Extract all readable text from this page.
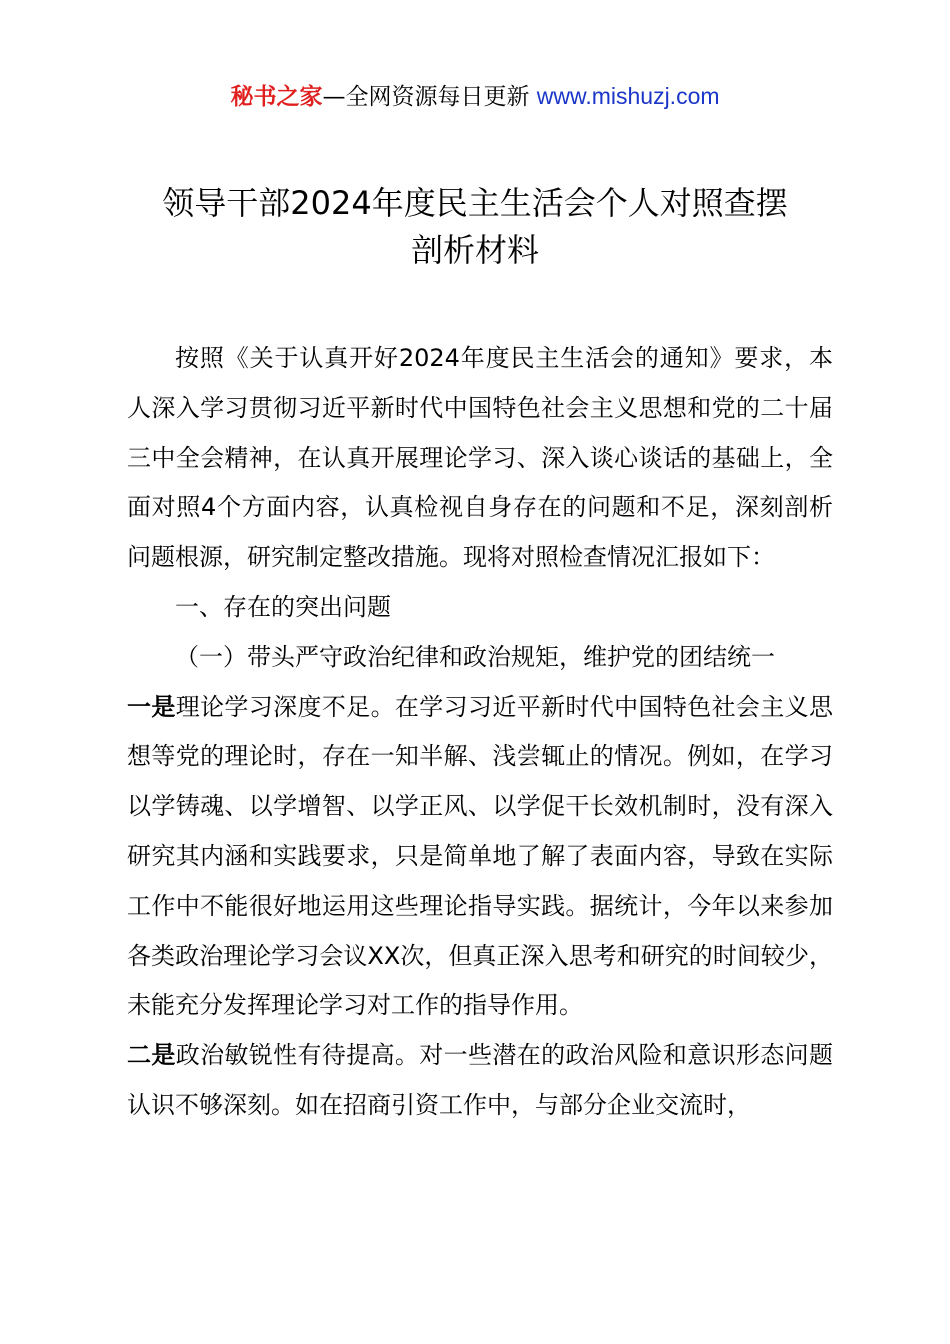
秘书之家—全网资源每日更新 www.mishuzj.com
领导干部2024年度民主生活会个人对照查摆
剖析材料

按照《关于认真开好2024年度民主生活会的通知》要求，本人深入学习贯彻习近平新时代中国特色社会主义思想和党的二十届三中全会精神，在认真开展理论学习、深入谈心谈话的基础上，全面对照4个方面内容，认真检视自身存在的问题和不足，深刻剖析问题根源，研究制定整改措施。现将对照检查情况汇报如下：

一、存在的突出问题

（一）带头严守政治纪律和政治规矩，维护党的团结统一

一是理论学习深度不足。在学习习近平新时代中国特色社会主义思想等党的理论时，存在一知半解、浅尝辄止的情况。例如，在学习以学铸魂、以学增智、以学正风、以学促干长效机制时，没有深入研究其内涵和实践要求，只是简单地了解了表面内容，导致在实际工作中不能很好地运用这些理论指导实践。据统计，今年以来参加各类政治理论学习会议XX次，但真正深入思考和研究的时间较少，未能充分发挥理论学习对工作的指导作用。

二是政治敏锐性有待提高。对一些潜在的政治风险和意识形态问题认识不够深刻。如在招商引资工作中，与部分企业交流时，
